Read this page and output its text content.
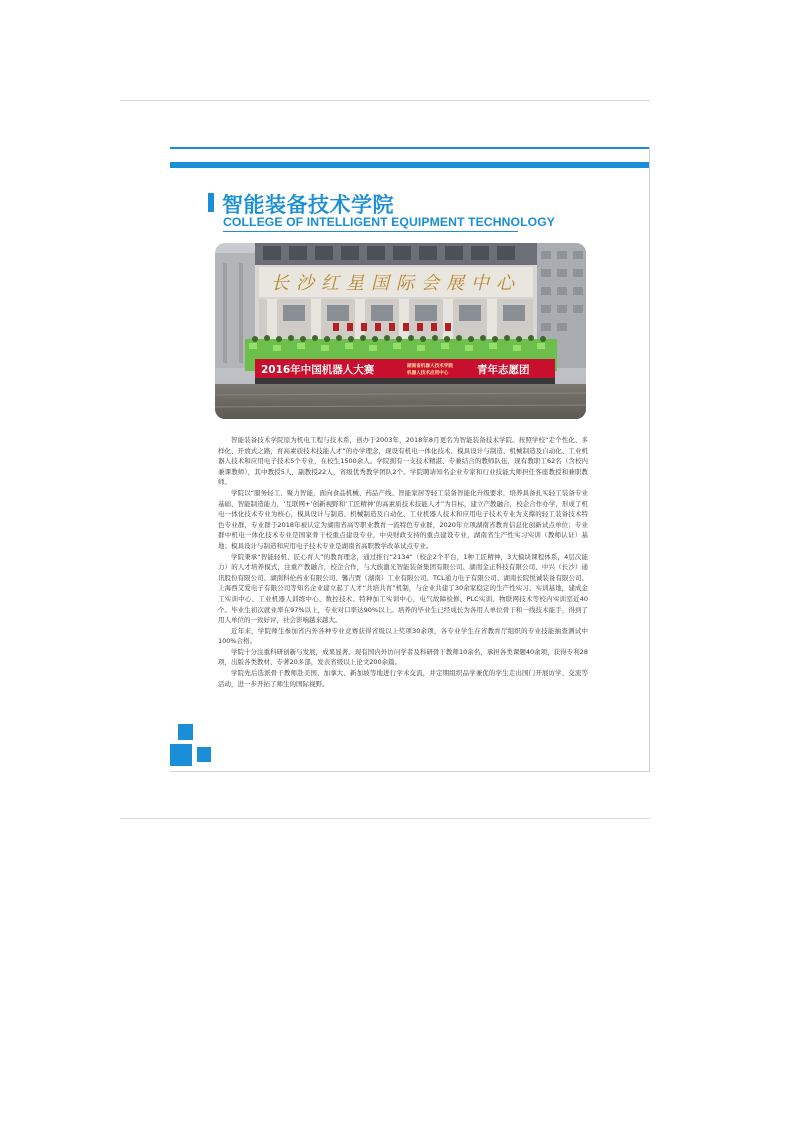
智能装备技术学院
COLLEGE OF INTELLIGENT EQUIPMENT TECHNOLOGY
长沙红星国际会展中心
2016年中国机器人大赛	湖南省机器人技术学院
机器人技术应用中心	青年志愿团

智能装备技术学院原为机电工程与技术系，创办于2003年，2018年8月更名为智能装备技术学院。按照学校“走个性化、多样化、开放式之路，育高素质技术技能人才”的办学理念，现设有机电一体化技术、模具设计与制造、机械制造及自动化、工业机器人技术和应用电子技术5个专业，在校生1500余人。学院拥有一支技术精湛、专兼结合的教师队伍，现有教职工62名（含校内兼课教师），其中教授5人，副教授22人，省级优秀教学团队2个。学院聘请知名企业专家和行业技能大师担任客座教授和兼职教师。

学院以“服务轻工、聚力智能，面向食品机械、药品产线、智能家居等轻工装备智能化升级要求，培养具备扎实轻工装备专业基础、智能制造能力，‘互联网+’创新视野和‘工匠精神’的高素质技术技能人才”为目标，建立产教融合，校企合作办学，形成了机电一体化技术专业为核心，模具设计与制造、机械制造及自动化、工业机器人技术和应用电子技术专业为支撑的轻工装备技术特色专业群，专业群于2018年被认定为湖南省高等职业教育一流特色专业群，2020年立项湖南省教育信息化创新试点单位；专业群中机电一体化技术专业是国家骨干校重点建设专业，中央财政支持的重点建设专业，湖南省生产性实习实训（教师认证）基地；模具设计与制造和应用电子技术专业是湖南省高职教学改革试点专业。

学院秉承“智能轻机、匠心育人”的教育理念，通过推行“2134”（校企2个平台，1种工匠精神，3大模块课程体系，4层次能力）的人才培养模式，注重产教融合，校企合作，与大族激光智能装备集团有限公司、湖南金正科技有限公司、中兴（长沙）通讯股份有限公司、湖南科伦药业有限公司、馨吉贾（湖南）工业有限公司、TCL通力电子有限公司、湖南长院悦诚装备有限公司、上海西艾爱电子有限公司等知名企业建立起了人才“共培共育”机制，与企业共建了30余家稳定的生产性实习、实训基地，建成金工实训中心、工业机器人训练中心、数控技术、特种加工实训中心，电气故障检修、PLC实训、物联网技术等校内实训室近40个。毕业生初次就业率在97%以上，专业对口率达90%以上。培养的毕业生已经成长为各用人单位骨干和一线技术能手，得到了用人单位的一致好评，社会影响越来越大。

近年来，学院师生参加省内外各种专业竞赛获得省级以上奖项30余项，各专业学生在省教育厅组织的专业技能抽查测试中100%合格。

学院十分注重科研创新与发展，成果显著。现有国内外访问学者及科研骨干教师10余名，承担各类课题40余项，获得专利28项，出版各类教材、专著20多部，发表省级以上论文200余篇。

学院先后选派骨干教师赴美国、加拿大、新加坡等地进行学术交流，并定期组织品学兼优的学生走出国门开展访学、交流等活动，进一步开拓了师生的国际视野。
